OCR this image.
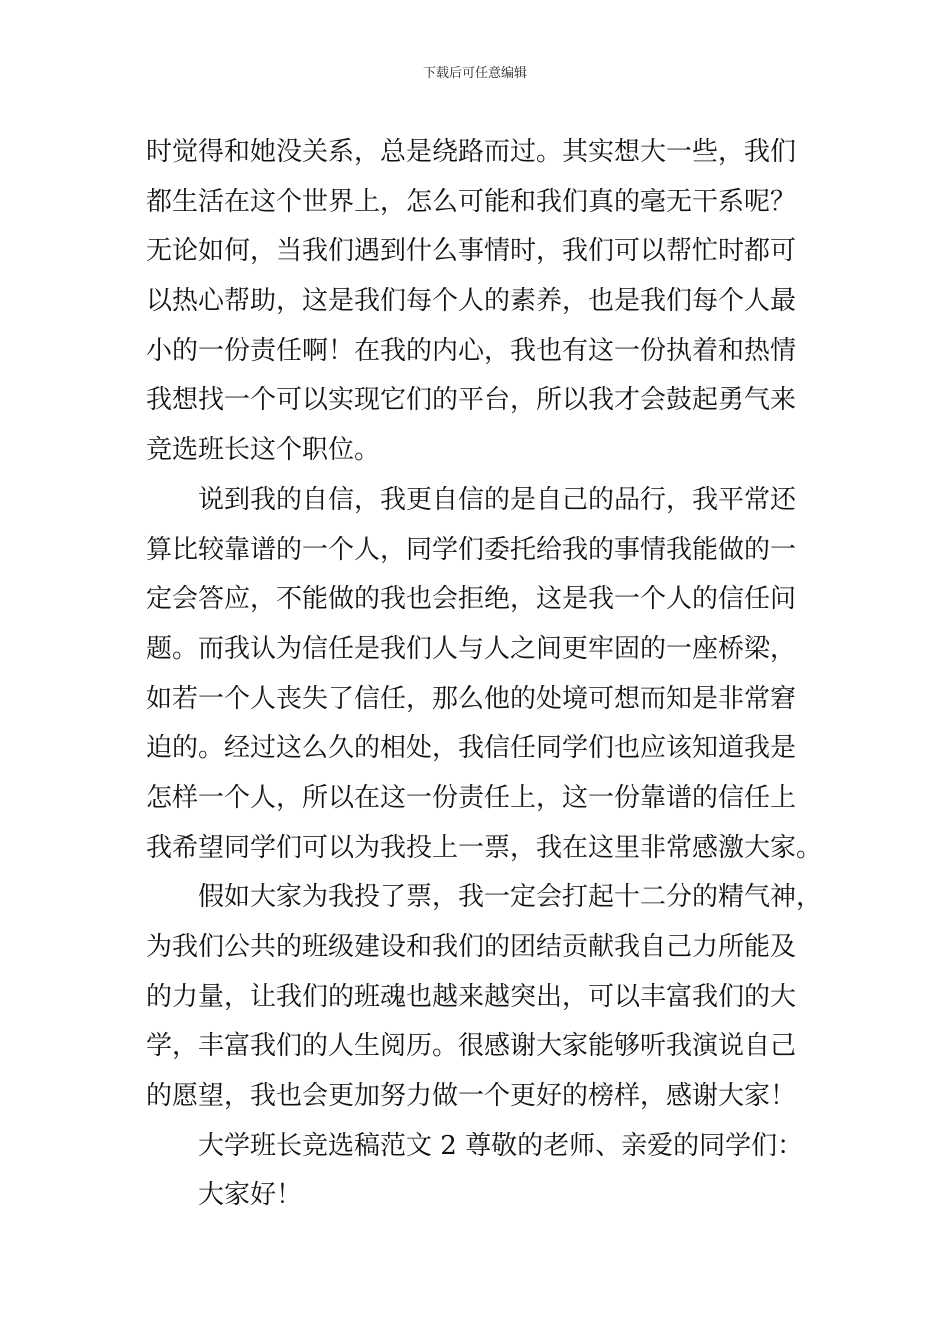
下载后可任意编辑
时觉得和她没关系，总是绕路而过。其实想大一些，我们
都生活在这个世界上，怎么可能和我们真的毫无干系呢？
无论如何，当我们遇到什么事情时，我们可以帮忙时都可
以热心帮助，这是我们每个人的素养，也是我们每个人最
小的一份责任啊！在我的内心，我也有这一份执着和热情
我想找一个可以实现它们的平台，所以我才会鼓起勇气来
竞选班长这个职位。
说到我的自信，我更自信的是自己的品行，我平常还
算比较靠谱的一个人，同学们委托给我的事情我能做的一
定会答应，不能做的我也会拒绝，这是我一个人的信任问
题。而我认为信任是我们人与人之间更牢固的一座桥梁，
如若一个人丧失了信任，那么他的处境可想而知是非常窘
迫的。经过这么久的相处，我信任同学们也应该知道我是
怎样一个人，所以在这一份责任上，这一份靠谱的信任上
我希望同学们可以为我投上一票，我在这里非常感激大家。
假如大家为我投了票，我一定会打起十二分的精气神，
为我们公共的班级建设和我们的团结贡献我自己力所能及
的力量，让我们的班魂也越来越突出，可以丰富我们的大
学，丰富我们的人生阅历。很感谢大家能够听我演说自己
的愿望，我也会更加努力做一个更好的榜样，感谢大家！
大学班长竞选稿范文 2 尊敬的老师、亲爱的同学们：
大家好！
